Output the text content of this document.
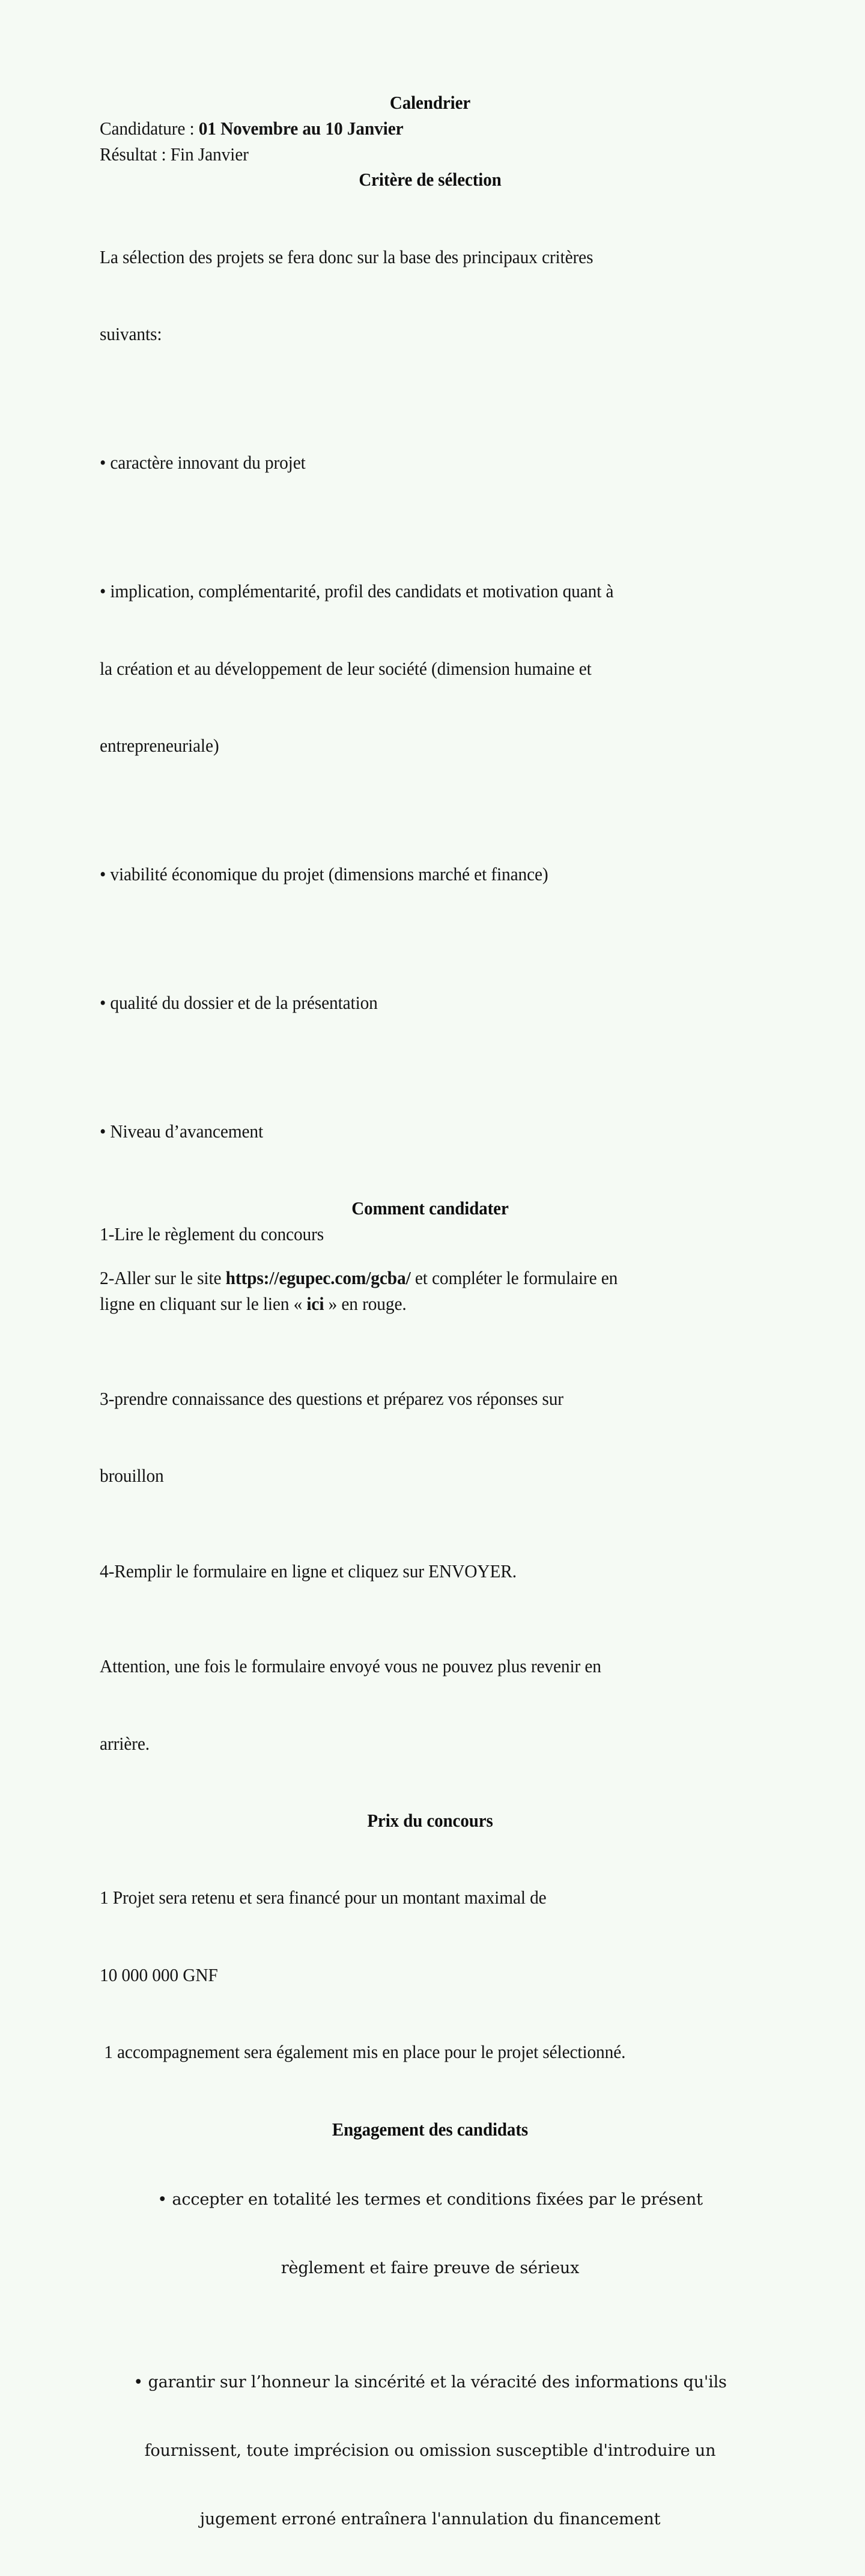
Calendrier

Candidature : 01 Novembre au 10 Janvier

Résultat : Fin Janvier

Critère de sélection

La sélection des projets se fera donc sur la base des principaux critères

suivants:

• caractère innovant du projet

• implication, complémentarité, profil des candidats et motivation quant à

la création et au développement de leur société (dimension humaine et

entrepreneuriale)

• viabilité économique du projet (dimensions marché et finance)

• qualité du dossier et de la présentation

• Niveau d’avancement

Comment candidater

1-Lire le règlement du concours

2-Aller sur le site https://egupec.com/gcba/ et compléter le formulaire en
ligne en cliquant sur le lien « ici » en rouge.

3-prendre connaissance des questions et préparez vos réponses sur

brouillon

4-Remplir le formulaire en ligne et cliquez sur ENVOYER.

Attention, une fois le formulaire envoyé vous ne pouvez plus revenir en

arrière.

Prix du concours

1 Projet sera retenu et sera financé pour un montant maximal de

10 000 000 GNF

1 accompagnement sera également mis en place pour le projet sélectionné.

Engagement des candidats

• accepter en totalité les termes et conditions fixées par le présent

règlement et faire preuve de sérieux

• garantir sur l’honneur la sincérité et la véracité des informations qu'ils

fournissent, toute imprécision ou omission susceptible d'introduire un

jugement erroné entraînera l'annulation du financement
